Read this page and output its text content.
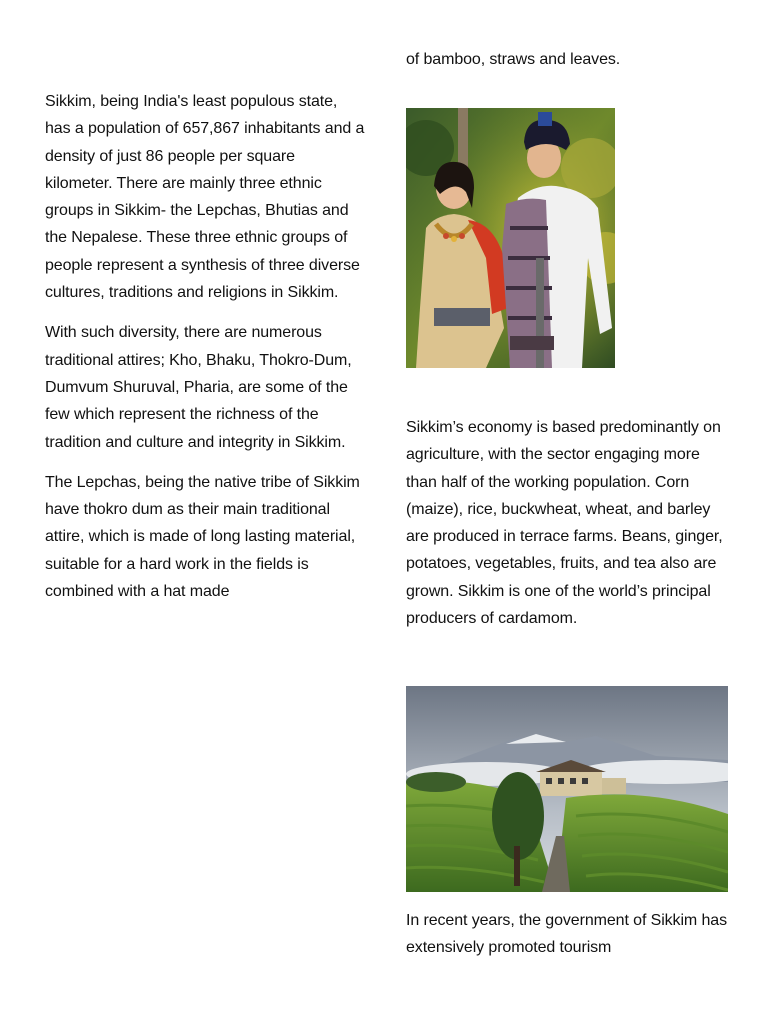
Sikkim, being India's least populous state, has a population of 657,867 inhabitants and a density of just 86 people per square kilometer. There are mainly three ethnic groups in Sikkim- the Lepchas, Bhutias and the Nepalese. These three ethnic groups of people represent a synthesis of three diverse cultures, traditions and religions in Sikkim.

With such diversity, there are numerous traditional attires; Kho, Bhaku, Thokro-Dum, Dumvum Shuruval, Pharia, are some of the few which represent the richness of the tradition and culture and integrity in Sikkim.

The Lepchas, being the native tribe of Sikkim have thokro dum as their main traditional attire, which is made of long lasting material, suitable for a hard work in the fields is combined with a hat made

of bamboo, straws and leaves.

Sikkim’s economy is based predominantly on agriculture, with the sector engaging more than half of the working population. Corn (maize), rice, buckwheat, wheat, and barley are produced in terrace farms. Beans, ginger, potatoes, vegetables, fruits, and tea also are grown. Sikkim is one of the world’s principal producers of cardamom.

In recent years, the government of Sikkim has extensively promoted tourism
